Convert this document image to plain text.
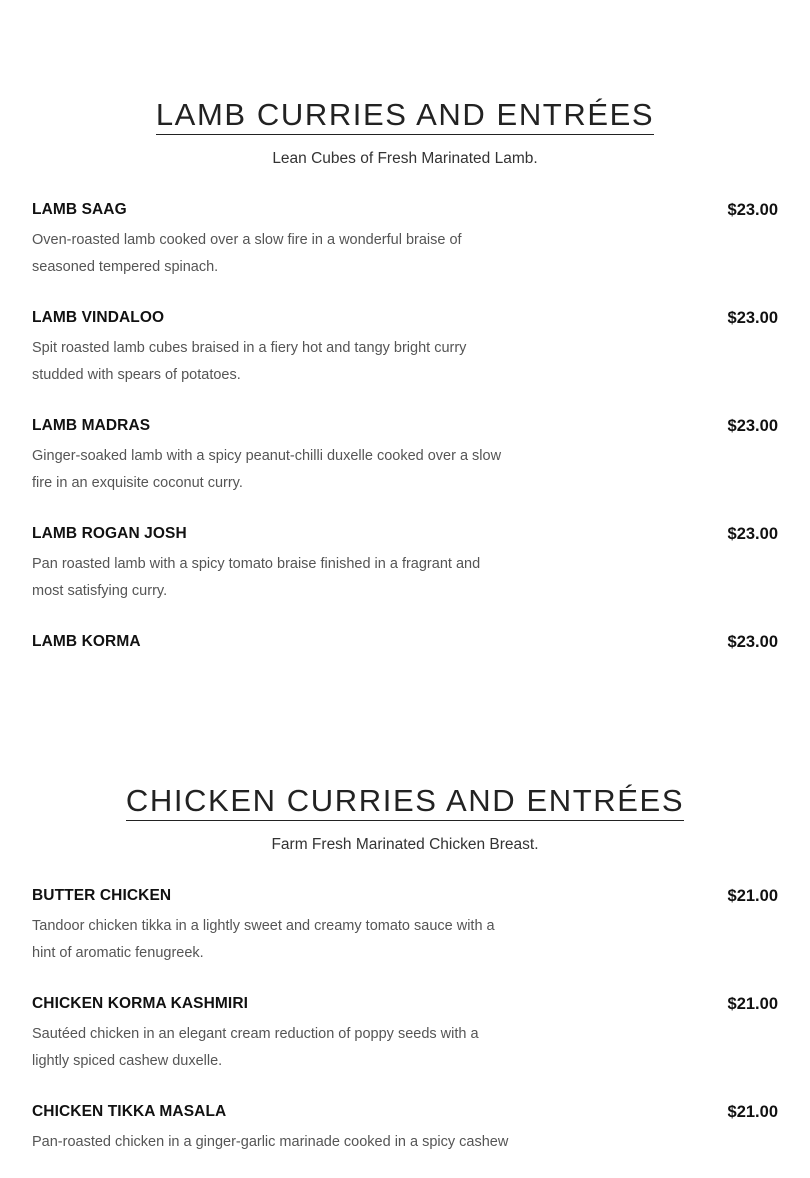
LAMB CURRIES AND ENTRÉES
Lean Cubes of Fresh Marinated Lamb.
LAMB SAAG	$23.00
Oven-roasted lamb cooked over a slow fire in a wonderful braise of seasoned tempered spinach.
LAMB VINDALOO	$23.00
Spit roasted lamb cubes braised in a fiery hot and tangy bright curry studded with spears of potatoes.
LAMB MADRAS	$23.00
Ginger-soaked lamb with a spicy peanut-chilli duxelle cooked over a slow fire in an exquisite coconut curry.
LAMB ROGAN JOSH	$23.00
Pan roasted lamb with a spicy tomato braise finished in a fragrant and most satisfying curry.
LAMB KORMA	$23.00
CHICKEN CURRIES AND ENTRÉES
Farm Fresh Marinated Chicken Breast.
BUTTER CHICKEN	$21.00
Tandoor chicken tikka in a lightly sweet and creamy tomato sauce with a hint of aromatic fenugreek.
CHICKEN KORMA KASHMIRI	$21.00
Sautéed chicken in an elegant cream reduction of poppy seeds with a lightly spiced cashew duxelle.
CHICKEN TIKKA MASALA	$21.00
Pan-roasted chicken in a ginger-garlic marinade cooked in a spicy cashew
